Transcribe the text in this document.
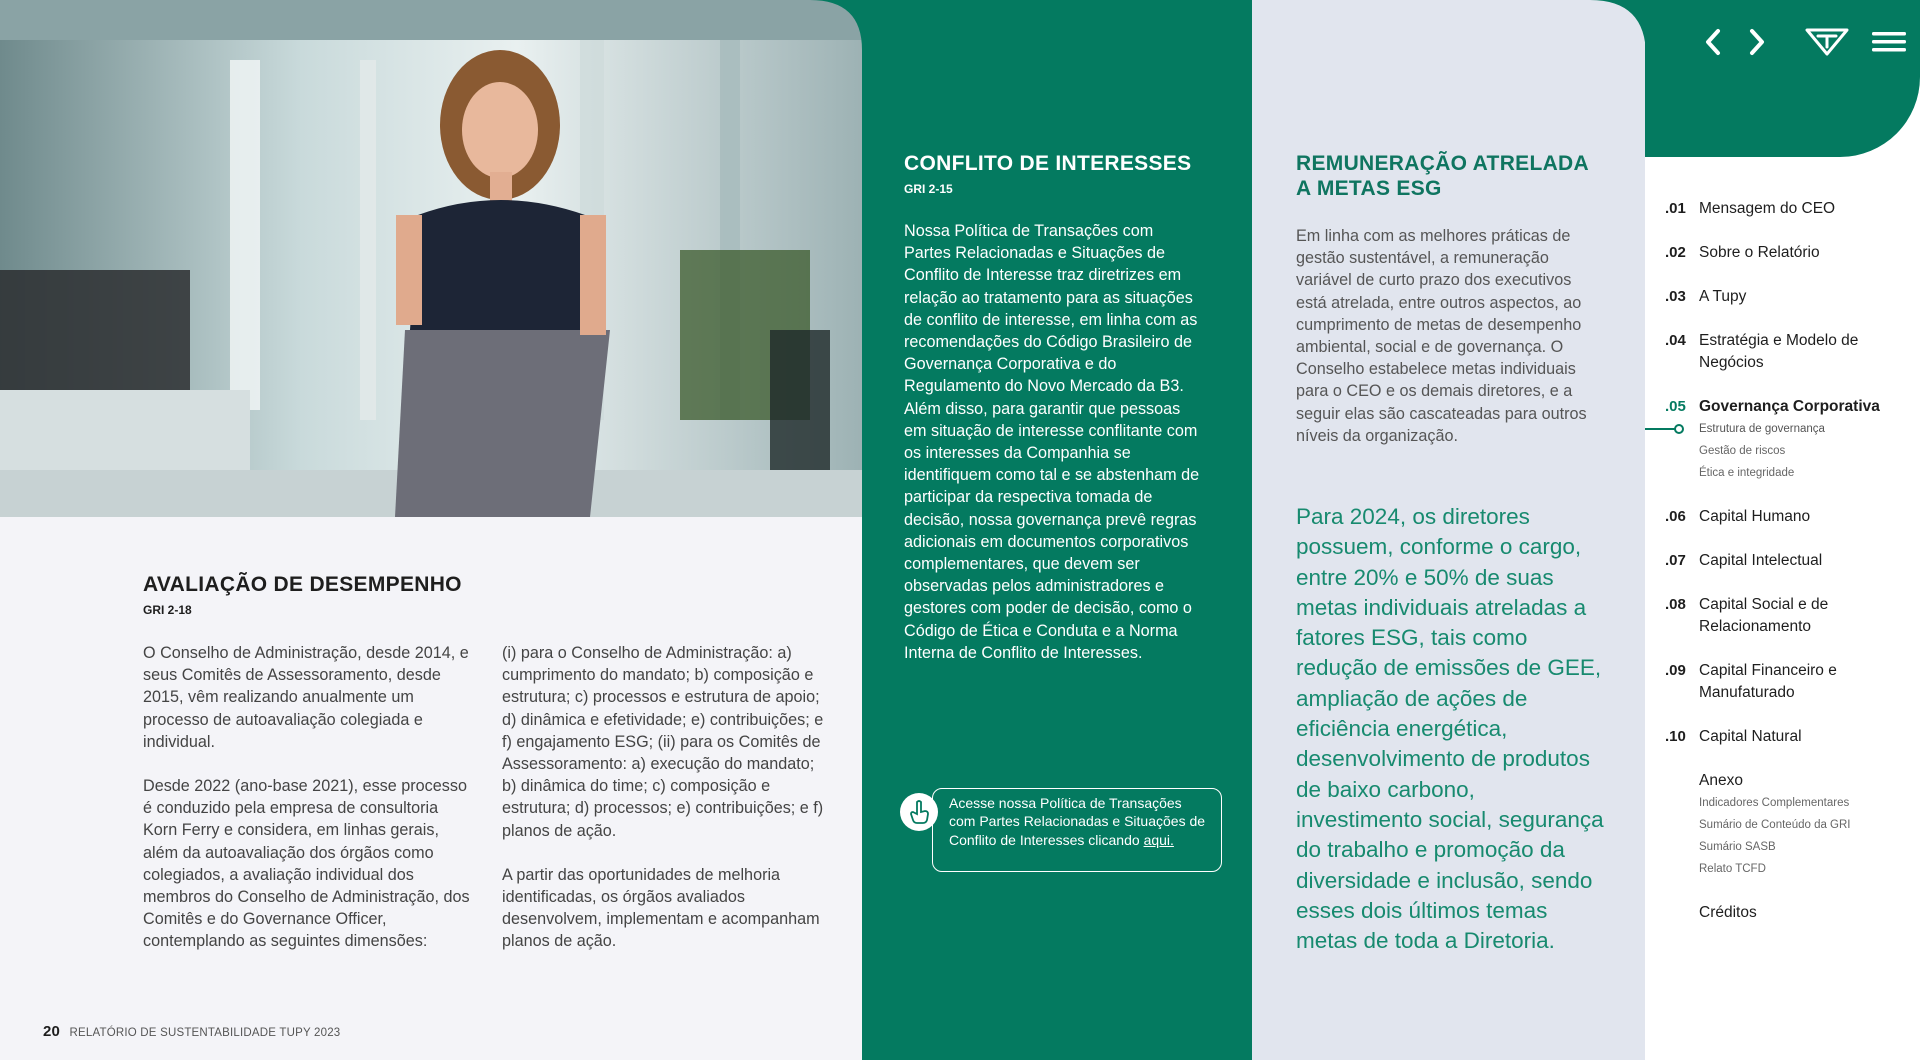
AVALIAÇÃO DE DESEMPENHO
GRI 2-18

O Conselho de Administração, desde 2014, e seus Comitês de Assessoramento, desde 2015, vêm realizando anualmente um processo de autoavaliação colegiada e individual.

Desde 2022 (ano-base 2021), esse processo é conduzido pela empresa de consultoria Korn Ferry e considera, em linhas gerais, além da autoavaliação dos órgãos como colegiados, a avaliação individual dos membros do Conselho de Administração, dos Comitês e do Governance Officer, contemplando as seguintes dimensões:

(i) para o Conselho de Administração: a) cumprimento do mandato; b) composição e estrutura; c) processos e estrutura de apoio; d) dinâmica e efetividade; e) contribuições; e f) engajamento ESG; (ii) para os Comitês de Assessoramento: a) execução do mandato; b) dinâmica do time; c) composição e estrutura; d) processos; e) contribuições; e f) planos de ação.

A partir das oportunidades de melhoria identificadas, os órgãos avaliados desenvolvem, implementam e acompanham planos de ação.

20 RELATÓRIO DE SUSTENTABILIDADE TUPY 2023
CONFLITO DE INTERESSES
GRI 2-15
Nossa Política de Transações com Partes Relacionadas e Situações de Conflito de Interesse traz diretrizes em relação ao tratamento para as situações de conflito de interesse, em linha com as recomendações do Código Brasileiro de Governança Corporativa e do Regulamento do Novo Mercado da B3. Além disso, para garantir que pessoas em situação de interesse conflitante com os interesses da Companhia se identifiquem como tal e se abstenham de participar da respectiva tomada de decisão, nossa governança prevê regras adicionais em documentos corporativos complementares, que devem ser observadas pelos administradores e gestores com poder de decisão, como o Código de Ética e Conduta e a Norma Interna de Conflito de Interesses.
Acesse nossa Política de Transações com Partes Relacionadas e Situações de Conflito de Interesses clicando aqui.
REMUNERAÇÃO ATRELADA A METAS ESG
Em linha com as melhores práticas de gestão sustentável, a remuneração variável de curto prazo dos executivos está atrelada, entre outros aspectos, ao cumprimento de metas de desempenho ambiental, social e de governança. O Conselho estabelece metas individuais para o CEO e os demais diretores, e a seguir elas são cascateadas para outros níveis da organização.
Para 2024, os diretores possuem, conforme o cargo, entre 20% e 50% de suas metas individuais atreladas a fatores ESG, tais como redução de emissões de GEE, ampliação de ações de eficiência energética, desenvolvimento de produtos de baixo carbono, investimento social, segurança do trabalho e promoção da diversidade e inclusão, sendo esses dois últimos temas metas de toda a Diretoria.
.01 Mensagem do CEO
.02 Sobre o Relatório
.03 A Tupy
.04 Estratégia e Modelo de Negócios
.05 Governança Corporativa
Estrutura de governança
Gestão de riscos
Ética e integridade
.06 Capital Humano
.07 Capital Intelectual
.08 Capital Social e de Relacionamento
.09 Capital Financeiro e Manufaturado
.10 Capital Natural
Anexo
Indicadores Complementares
Sumário de Conteúdo da GRI
Sumário SASB
Relato TCFD
Créditos
